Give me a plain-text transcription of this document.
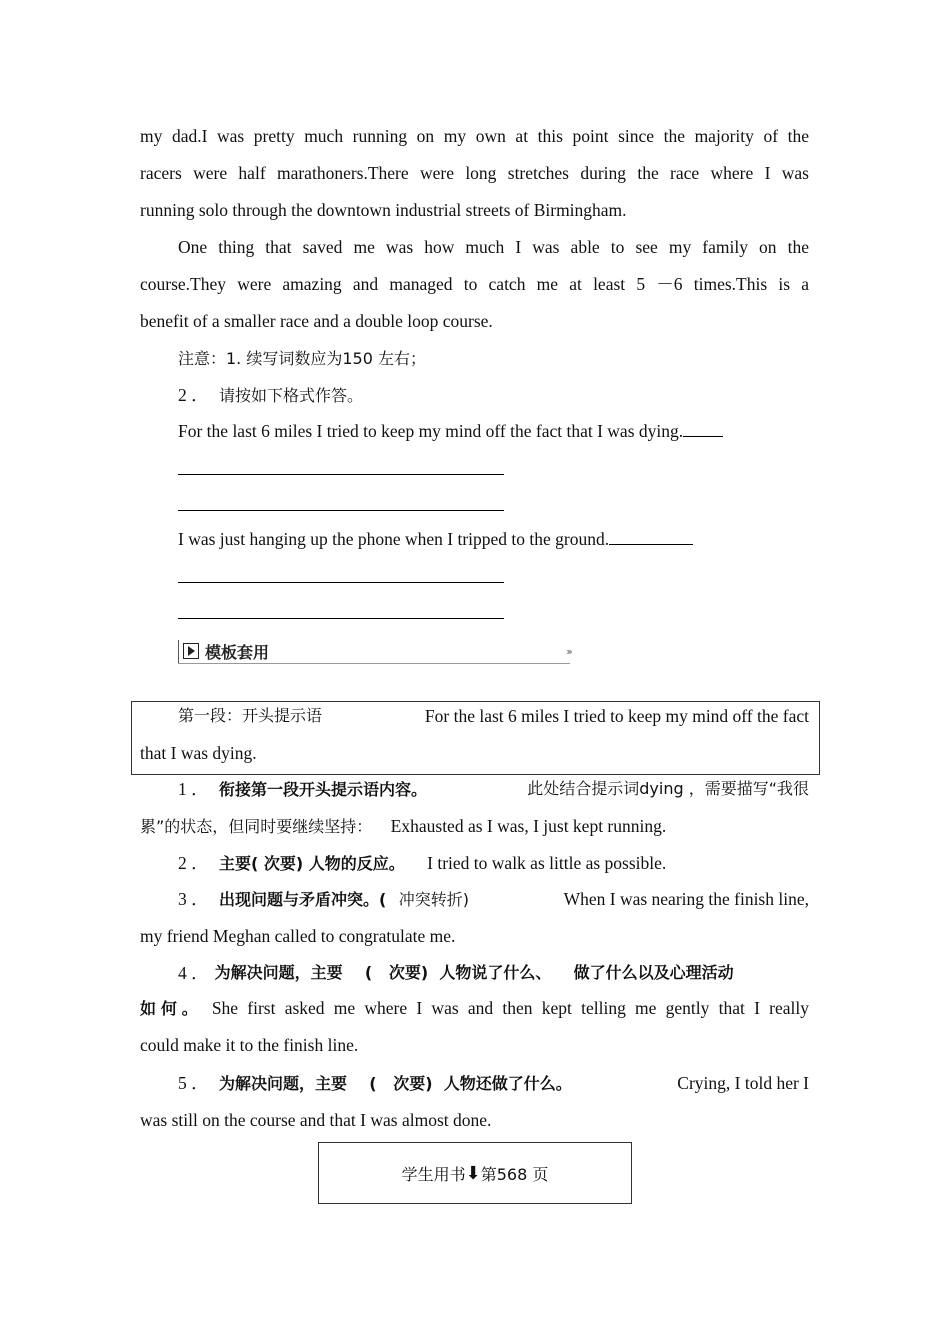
my dad.I was pretty much running on my own at this point since the majority of the
racers were half marathoners.There were long stretches during the race where I was
running solo through the downtown industrial streets of Birmingham.
One thing that saved me was how much I was able to see my family on the
course.They were amazing and managed to catch me at least 5 －6 times.This is a
benefit of a smaller race and a double loop course.
注意：1. 续写词数应为150 左右；
2 ． 请按如下格式作答。
For the last 6 miles I tried to keep my mind off the fact that I was dying.
I was just hanging up the phone when I tripped to the ground.
模板套用	›››
第一段：开头提示语	For the last 6 miles I tried to keep my mind off the fact
that I was dying.
1 ． 衔接第一段开头提示语内容。	此处结合提示词dying ，需要描写“我很
累”的状态，但同时要继续坚持： Exhausted as I was, I just kept running.
2 ． 主要( 次要) 人物的反应。 I tried to walk as little as possible.
3 ． 出现问题与矛盾冲突。( 冲突转折)	When I was nearing the finish line,
my friend Meghan called to congratulate me.
4 ． 为解决问题，主要    (   次要)  人物说了什么、    做了什么以及心理活动
如何。 She first asked me where I was and then kept telling me gently that I really
could make it to the finish line.
5 ． 为解决问题，主要    (   次要)  人物还做了什么。	Crying, I told her I
was still on the course and that I was almost done.
学生用书 ⬇ 第568 页
